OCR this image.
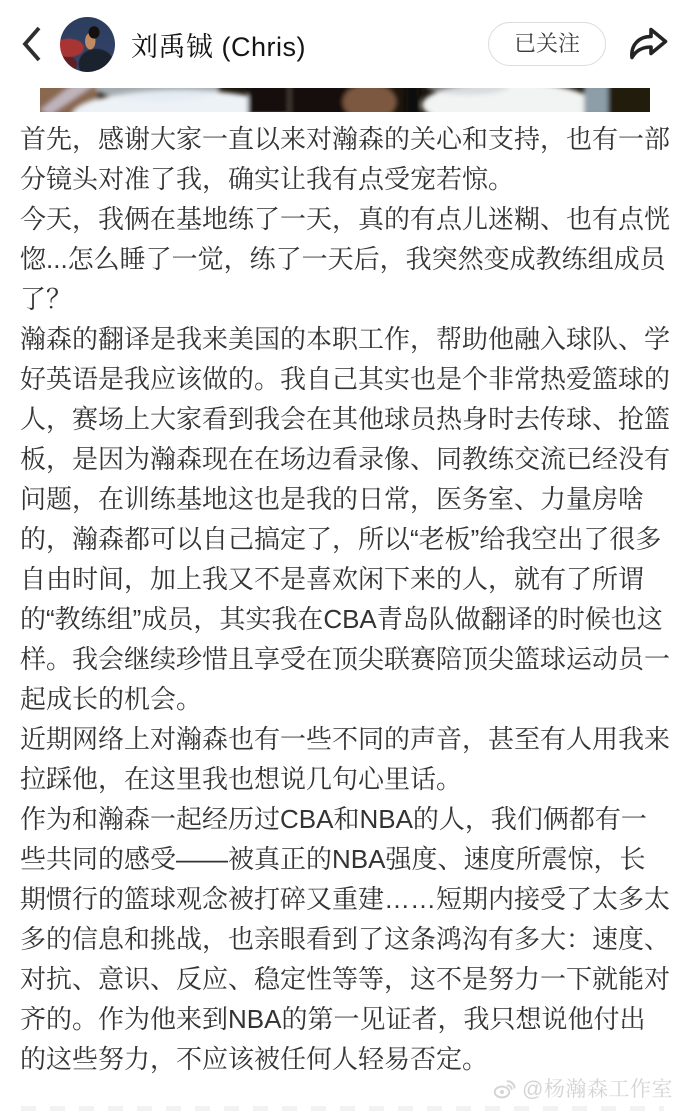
刘禹铖 (Chris)	已关注

首先，感谢大家一直以来对瀚森的关心和支持，也有一部分镜头对准了我，确实让我有点受宠若惊。

今天，我俩在基地练了一天，真的有点儿迷糊、也有点恍惚...怎么睡了一觉，练了一天后，我突然变成教练组成员了？

瀚森的翻译是我来美国的本职工作，帮助他融入球队、学好英语是我应该做的。我自己其实也是个非常热爱篮球的人，赛场上大家看到我会在其他球员热身时去传球、抢篮板，是因为瀚森现在在场边看录像、同教练交流已经没有问题，在训练基地这也是我的日常，医务室、力量房啥的，瀚森都可以自己搞定了，所以“老板”给我空出了很多自由时间，加上我又不是喜欢闲下来的人，就有了所谓的“教练组”成员，其实我在CBA青岛队做翻译的时候也这样。我会继续珍惜且享受在顶尖联赛陪顶尖篮球运动员一起成长的机会。

近期网络上对瀚森也有一些不同的声音，甚至有人用我来拉踩他，在这里我也想说几句心里话。

作为和瀚森一起经历过CBA和NBA的人，我们俩都有一些共同的感受——被真正的NBA强度、速度所震惊，长期惯行的篮球观念被打碎又重建……短期内接受了太多太多的信息和挑战，也亲眼看到了这条鸿沟有多大：速度、对抗、意识、反应、稳定性等等，这不是努力一下就能对齐的。作为他来到NBA的第一见证者，我只想说他付出的这些努力，不应该被任何人轻易否定。

@杨瀚森工作室
